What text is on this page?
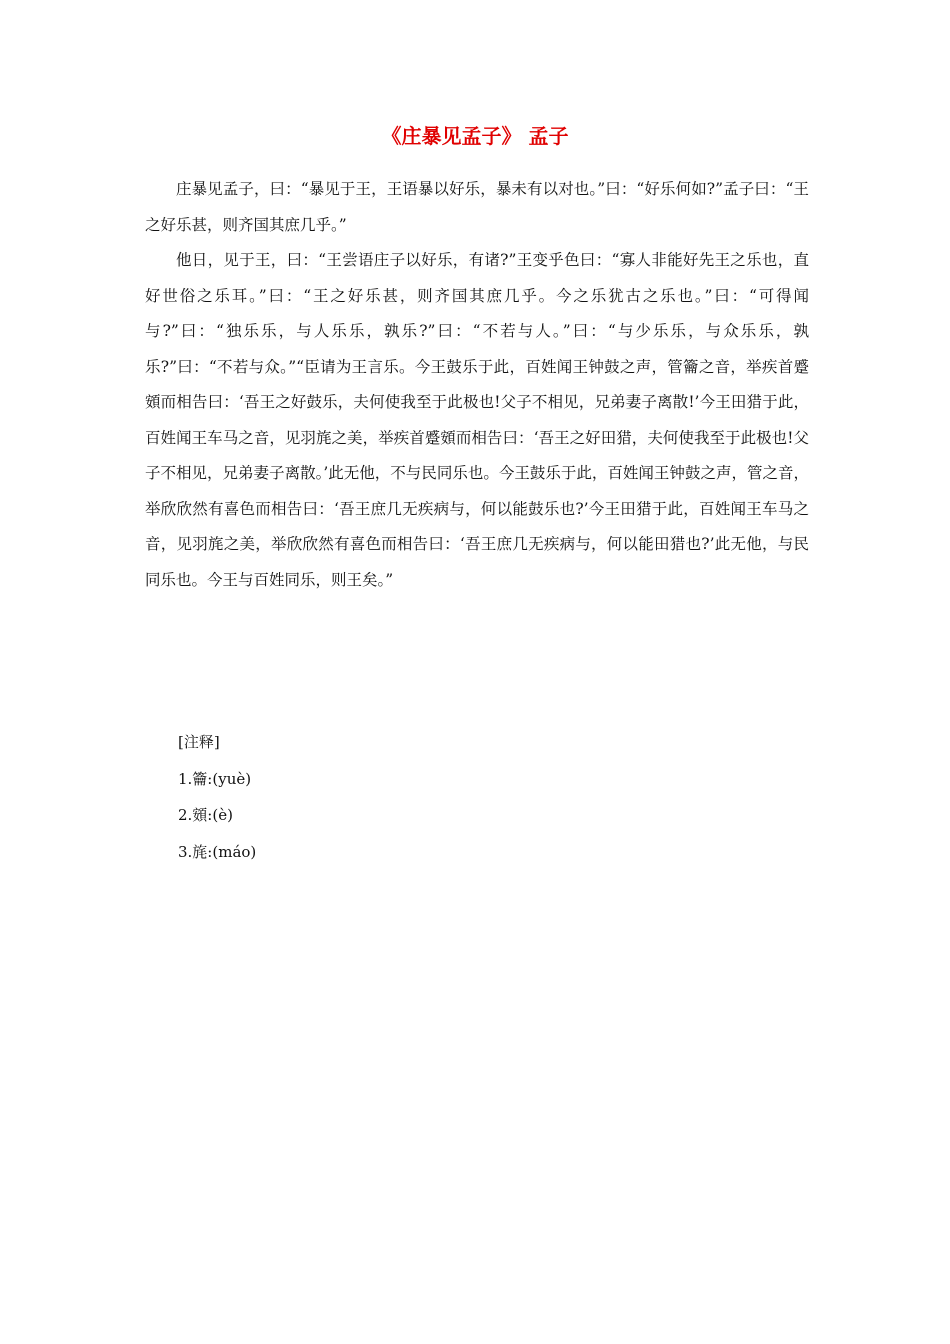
《庄暴见孟子》 孟子

庄暴见孟子，曰：“暴见于王，王语暴以好乐，暴未有以对也。”曰：“好乐何如?”孟子曰：“王之好乐甚，则齐国其庶几乎。”

他日，见于王，曰：“王尝语庄子以好乐，有诸?”王变乎色曰：“寡人非能好先王之乐也，直好世俗之乐耳。”曰：“王之好乐甚，则齐国其庶几乎。今之乐犹古之乐也。”曰：“可得闻与?”曰：“独乐乐，与人乐乐，孰乐?”曰：“不若与人。”曰：“与少乐乐，与众乐乐，孰乐?”曰：“不若与众。”“臣请为王言乐。今王鼓乐于此，百姓闻王钟鼓之声，管籥之音，举疾首蹙頞而相告曰：‘吾王之好鼓乐，夫何使我至于此极也!父子不相见，兄弟妻子离散!’今王田猎于此，百姓闻王车马之音，见羽旄之美，举疾首蹙頞而相告曰：‘吾王之好田猎，夫何使我至于此极也!父子不相见，兄弟妻子离散。’此无他，不与民同乐也。今王鼓乐于此，百姓闻王钟鼓之声，管之音，举欣欣然有喜色而相告曰：‘吾王庶几无疾病与，何以能鼓乐也?’今王田猎于此，百姓闻王车马之音，见羽旄之美，举欣欣然有喜色而相告曰：‘吾王庶几无疾病与，何以能田猎也?’此无他，与民同乐也。今王与百姓同乐，则王矣。”

[注释]
1.籥:(yuè)
2.頞:(è)
3.旄:(máo)
